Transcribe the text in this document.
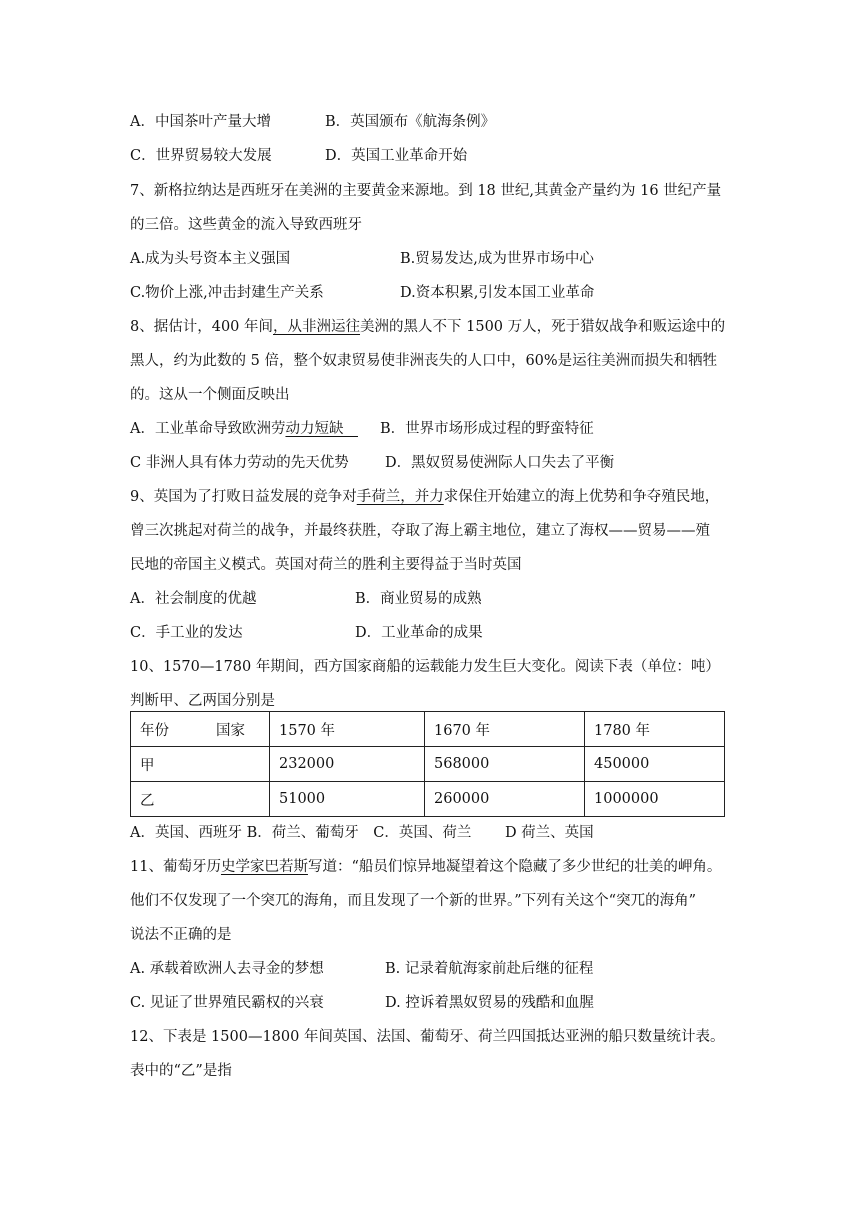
A．中国茶叶产量大增	B．英国颁布《航海条例》
C．世界贸易较大发展	D．英国工业革命开始
7、新格拉纳达是西班牙在美洲的主要黄金来源地。到 18 世纪,其黄金产量约为 16 世纪产量
的三倍。这些黄金的流入导致西班牙
A.成为头号资本主义强国	B.贸易发达,成为世界市场中心
C.物价上涨,冲击封建生产关系	D.资本积累,引发本国工业革命
8、据估计，400 年间，从非洲运往美洲的黑人不下 1500 万人，死于猎奴战争和贩运途中的
黑人，约为此数的 5 倍，整个奴隶贸易使非洲丧失的人口中，60%是运往美洲而损失和牺牲
的。这从一个侧面反映出
A．工业革命导致欧洲劳动力短缺　 B．世界市场形成过程的野蛮特征
C 非洲人具有体力劳动的先天优势	D．黑奴贸易使洲际人口失去了平衡
9、英国为了打败日益发展的竞争对手荷兰，并力求保住开始建立的海上优势和争夺殖民地，
曾三次挑起对荷兰的战争，并最终获胜，夺取了海上霸主地位，建立了海权——贸易——殖
民地的帝国主义模式。英国对荷兰的胜利主要得益于当时英国
A．社会制度的优越	B．商业贸易的成熟
C．手工业的发达	D．工业革命的成果
10、1570—1780 年期间，西方国家商船的运载能力发生巨大变化。阅读下表（单位：吨）
判断甲、乙两国分别是
年份 国家	1570 年	1670 年	1780 年
甲	232000	568000	450000
乙	51000	260000	1000000
A．英国、西班牙 B．荷兰、葡萄牙　C．英国、荷兰　　 D 荷兰、英国
11、葡萄牙历史学家巴若斯写道：“船员们惊异地凝望着这个隐藏了多少世纪的壮美的岬角。
他们不仅发现了一个突兀的海角，而且发现了一个新的世界。”下列有关这个“突兀的海角”
说法不正确的是
A. 承载着欧洲人去寻金的梦想	B. 记录着航海家前赴后继的征程
C. 见证了世界殖民霸权的兴衰	D. 控诉着黑奴贸易的残酷和血腥
12、下表是 1500—1800 年间英国、法国、葡萄牙、荷兰四国抵达亚洲的船只数量统计表。
表中的“乙”是指
